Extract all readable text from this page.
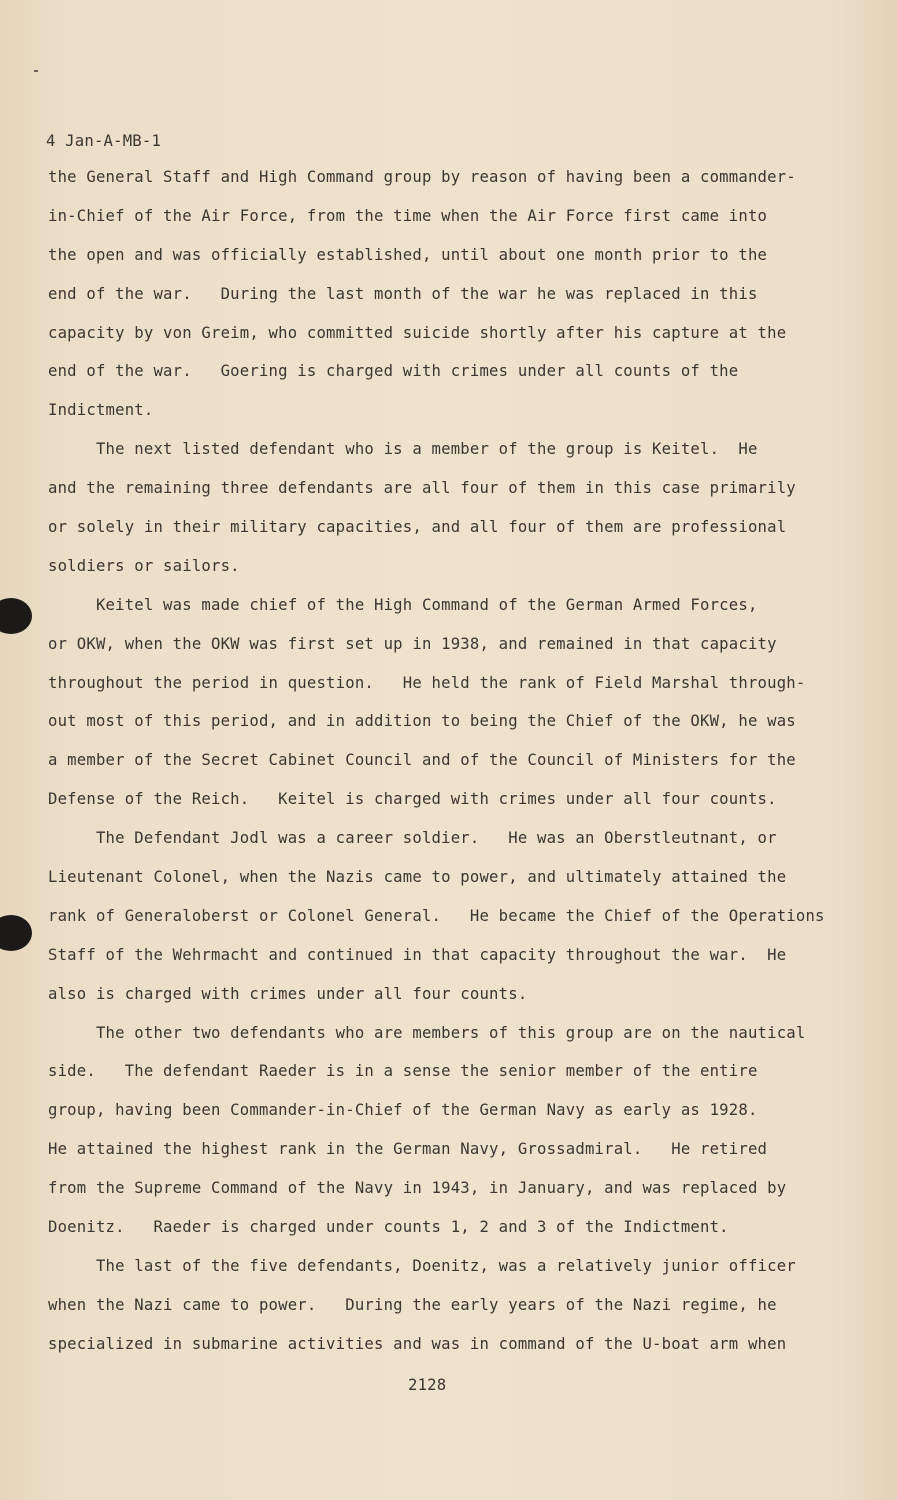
4 Jan-A-MB-1
the General Staff and High Command group by reason of having been a commander-
in-Chief of the Air Force, from the time when the Air Force first came into
the open and was officially established, until about one month prior to the
end of the war.   During the last month of the war he was replaced in this
capacity by von Greim, who committed suicide shortly after his capture at the
end of the war.   Goering is charged with crimes under all counts of the
Indictment.
The next listed defendant who is a member of the group is Keitel.  He
and the remaining three defendants are all four of them in this case primarily
or solely in their military capacities, and all four of them are professional
soldiers or sailors.
Keitel was made chief of the High Command of the German Armed Forces,
or OKW, when the OKW was first set up in 1938, and remained in that capacity
throughout the period in question.   He held the rank of Field Marshal through-
out most of this period, and in addition to being the Chief of the OKW, he was
a member of the Secret Cabinet Council and of the Council of Ministers for the
Defense of the Reich.   Keitel is charged with crimes under all four counts.
The Defendant Jodl was a career soldier.   He was an Oberstleutnant, or
Lieutenant Colonel, when the Nazis came to power, and ultimately attained the
rank of Generaloberst or Colonel General.   He became the Chief of the Operations
Staff of the Wehrmacht and continued in that capacity throughout the war.  He
also is charged with crimes under all four counts.
The other two defendants who are members of this group are on the nautical
side.   The defendant Raeder is in a sense the senior member of the entire
group, having been Commander-in-Chief of the German Navy as early as 1928.
He attained the highest rank in the German Navy, Grossadmiral.   He retired
from the Supreme Command of the Navy in 1943, in January, and was replaced by
Doenitz.   Raeder is charged under counts 1, 2 and 3 of the Indictment.
The last of the five defendants, Doenitz, was a relatively junior officer
when the Nazi came to power.   During the early years of the Nazi regime, he
specialized in submarine activities and was in command of the U-boat arm when
2128
